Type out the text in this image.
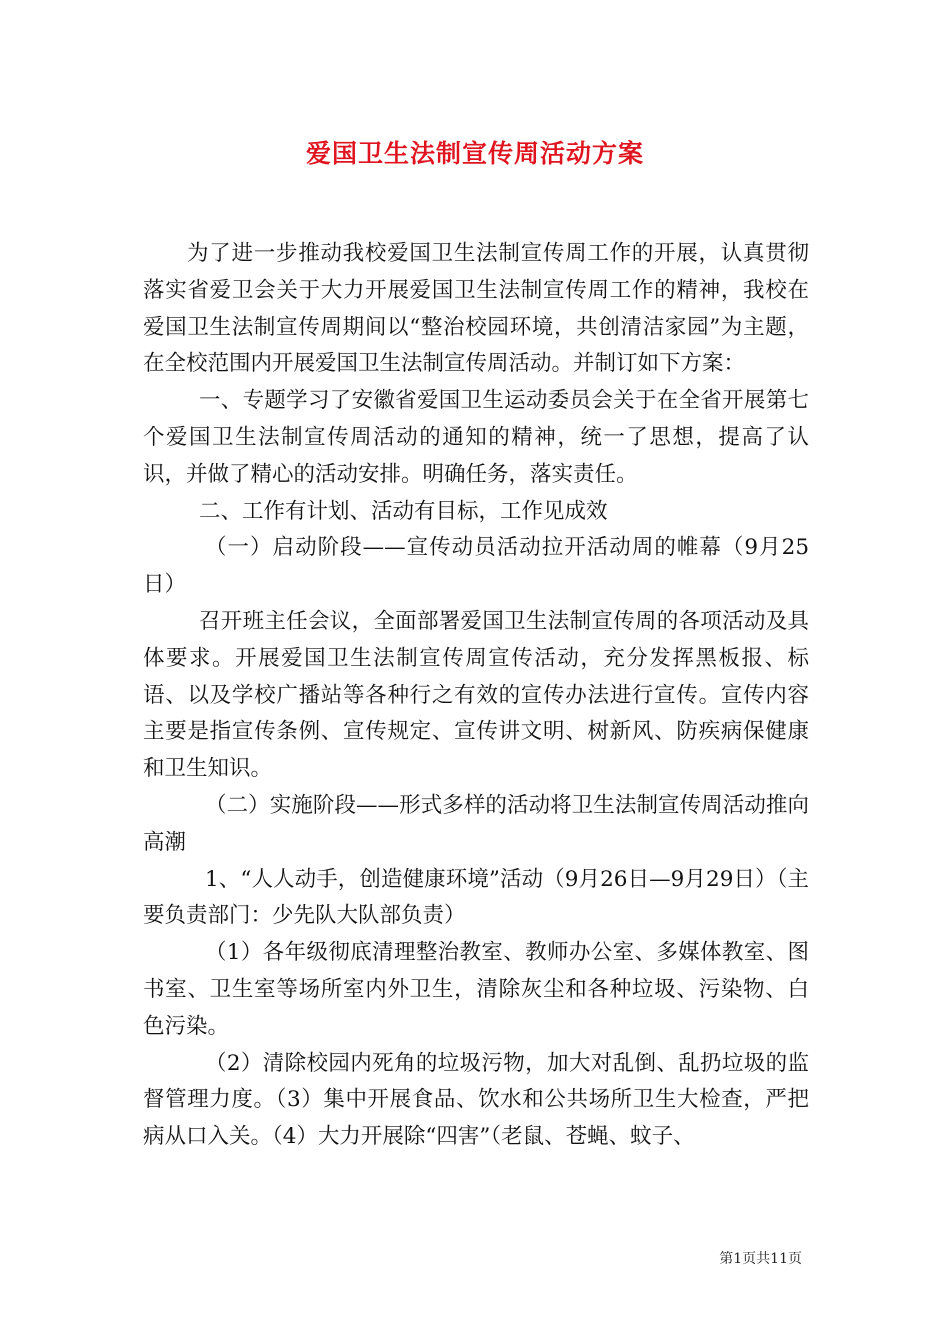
爱国卫生法制宣传周活动方案

为了进一步推动我校爱国卫生法制宣传周工作的开展，认真贯彻落实省爱卫会关于大力开展爱国卫生法制宣传周工作的精神，我校在爱国卫生法制宣传周期间以“整治校园环境，共创清洁家园”为主题，在全校范围内开展爱国卫生法制宣传周活动。并制订如下方案：

一、专题学习了安徽省爱国卫生运动委员会关于在全省开展第七个爱国卫生法制宣传周活动的通知的精神，统一了思想，提高了认识，并做了精心的活动安排。明确任务，落实责任。

二、工作有计划、活动有目标，工作见成效

（一）启动阶段——宣传动员活动拉开活动周的帷幕（9月25日）

召开班主任会议，全面部署爱国卫生法制宣传周的各项活动及具体要求。开展爱国卫生法制宣传周宣传活动，充分发挥黑板报、标语、以及学校广播站等各种行之有效的宣传办法进行宣传。宣传内容主要是指宣传条例、宣传规定、宣传讲文明、树新风、防疾病保健康和卫生知识。

（二）实施阶段——形式多样的活动将卫生法制宣传周活动推向高潮

1、“人人动手，创造健康环境”活动（9月26日—9月29日）（主要负责部门：少先队大队部负责）

（1）各年级彻底清理整治教室、教师办公室、多媒体教室、图书室、卫生室等场所室内外卫生，清除灰尘和各种垃圾、污染物、白色污染。

（2）清除校园内死角的垃圾污物，加大对乱倒、乱扔垃圾的监督管理力度。（3）集中开展食品、饮水和公共场所卫生大检查，严把病从口入关。（4）大力开展除“四害”（老鼠、苍蝇、蚊子、

第1页共11页
